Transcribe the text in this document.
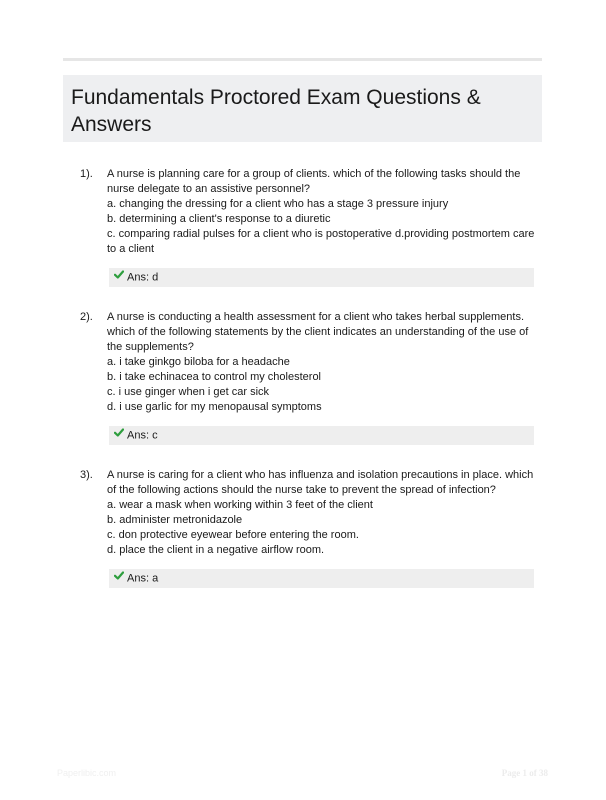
Fundamentals Proctored Exam Questions & Answers
1). A nurse is planning care for a group of clients. which of the following tasks should the nurse delegate to an assistive personnel?
a. changing the dressing for a client who has a stage 3 pressure injury
b. determining a client's response to a diuretic
c. comparing radial pulses for a client who is postoperative d.providing postmortem care to a client
Ans: d
2). A nurse is conducting a health assessment for a client who takes herbal supplements. which of the following statements by the client indicates an understanding of the use of the supplements?
a. i take ginkgo biloba for a headache
b. i take echinacea to control my cholesterol
c. i use ginger when i get car sick
d. i use garlic for my menopausal symptoms
Ans: c
3). A nurse is caring for a client who has influenza and isolation precautions in place. which of the following actions should the nurse take to prevent the spread of infection?
a. wear a mask when working within 3 feet of the client
b. administer metronidazole
c. don protective eyewear before entering the room.
d. place the client in a negative airflow room.
Ans: a
Paperlibic.com	Page 1 of 38
